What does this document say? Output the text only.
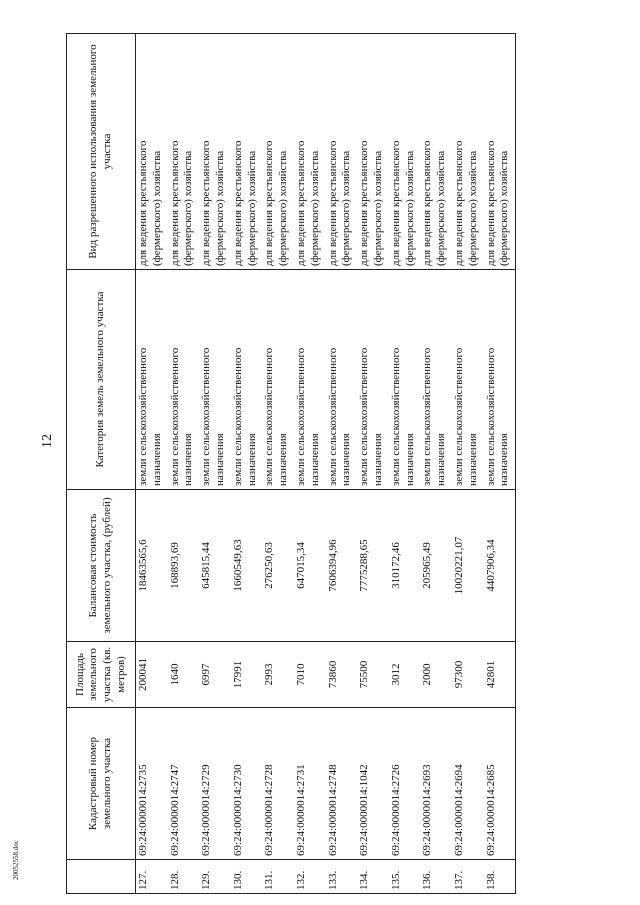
12
20052558.doc
	Кадастровый номер земельного участка	Площадь земельного участка (кв. метров)	Балансовая стоимость земельного участка, (рублей)	Категория земель земельного участка	Вид разрешенного использования земельного участка
127.	69:24:0000014:2735	200041	18463565,6	земли сельскохозяйственного назначения	для ведения крестьянского (фермерского) хозяйства

128.	69:24:0000014:2747	1640	168893,69	земли сельскохозяйственного назначения	для ведения крестьянского (фермерского) хозяйства

129.	69:24:0000014:2729	6997	645815,44	земли сельскохозяйственного назначения	для ведения крестьянского (фермерского) хозяйства

130.	69:24:0000014:2730	17991	1660549,63	земли сельскохозяйственного назначения	для ведения крестьянского (фермерского) хозяйства

131.	69:24:0000014:2728	2993	276250,63	земли сельскохозяйственного назначения	для ведения крестьянского (фермерского) хозяйства

132.	69:24:0000014:2731	7010	647015,34	земли сельскохозяйственного назначения	для ведения крестьянского (фермерского) хозяйства

133.	69:24:0000014:2748	73860	7606394,96	земли сельскохозяйственного назначения	для ведения крестьянского (фермерского) хозяйства

134.	69:24:0000014:1042	75500	7775288,65	земли сельскохозяйственного назначения	для ведения крестьянского (фермерского) хозяйства

135.	69:24:0000014:2726	3012	310172,46	земли сельскохозяйственного назначения	для ведения крестьянского (фермерского) хозяйства

136.	69:24:0000014:2693	2000	205965,49	земли сельскохозяйственного назначения	для ведения крестьянского (фермерского) хозяйства

137.	69:24:0000014:2694	97300	10020221,07	земли сельскохозяйственного назначения	для ведения крестьянского (фермерского) хозяйства

138.	69:24:0000014:2685	42801	4407906,34	земли сельскохозяйственного назначения	для ведения крестьянского (фермерского) хозяйства
